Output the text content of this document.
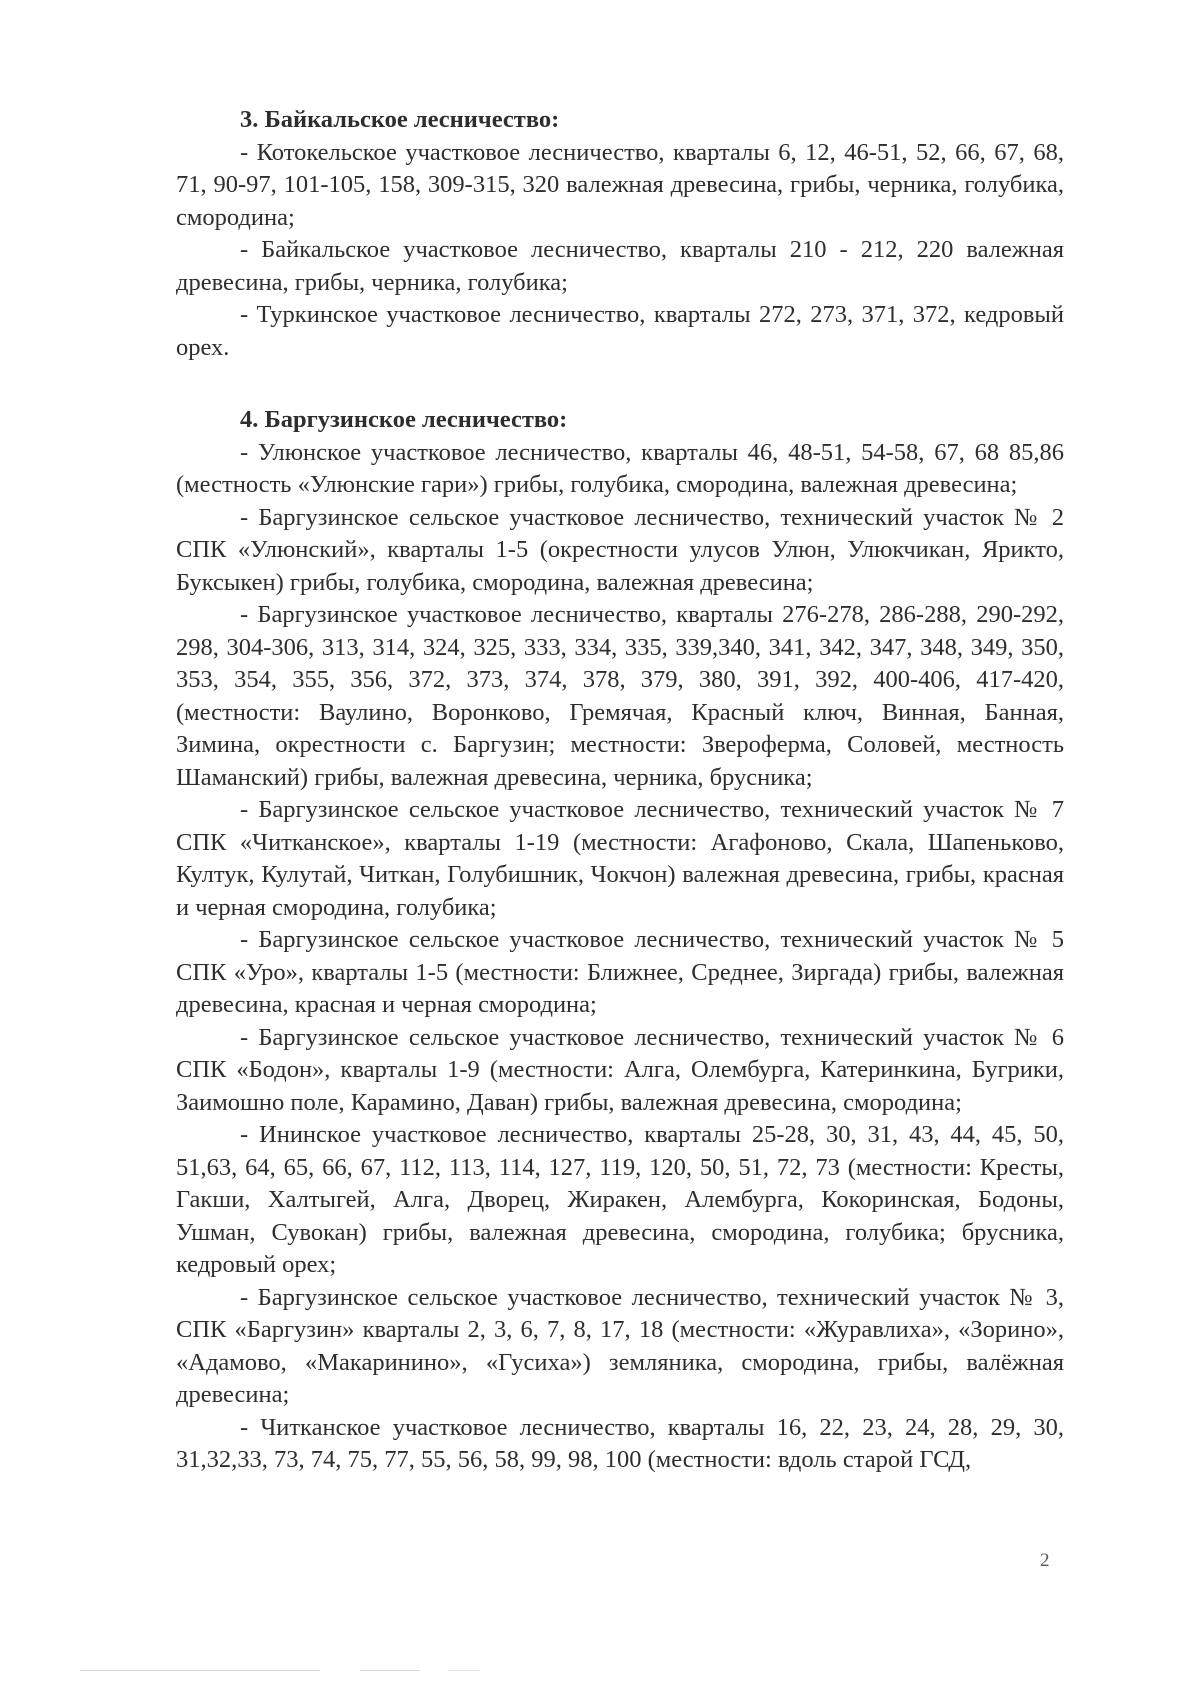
3. Байкальское лесничество:

- Котокельское участковое лесничество, кварталы 6, 12, 46-51, 52, 66, 67, 68, 71, 90-97, 101-105, 158, 309-315, 320 валежная древесина, грибы, черника, голубика, смородина;

- Байкальское участковое лесничество, кварталы 210 - 212, 220 валежная древесина, грибы, черника, голубика;

- Туркинское участковое лесничество, кварталы 272, 273, 371, 372, кедровый орех.

4. Баргузинское лесничество:

- Улюнское участковое лесничество, кварталы 46, 48-51, 54-58, 67, 68 85,86 (местность «Улюнские гари») грибы, голубика, смородина, валежная древесина;

- Баргузинское сельское участковое лесничество, технический участок № 2 СПК «Улюнский», кварталы 1-5 (окрестности улусов Улюн, Улюкчикан, Ярикто, Буксыкен) грибы, голубика, смородина, валежная древесина;

- Баргузинское участковое лесничество, кварталы 276-278, 286-288, 290-292, 298, 304-306, 313, 314, 324, 325, 333, 334, 335, 339,340, 341, 342, 347, 348, 349, 350, 353, 354, 355, 356, 372, 373, 374, 378, 379, 380, 391, 392, 400-406, 417-420, (местности: Ваулино, Воронково, Гремячая, Красный ключ, Винная, Банная, Зимина, окрестности с. Баргузин; местности: Звероферма, Соловей, местность Шаманский) грибы, валежная древесина, черника, брусника;

- Баргузинское сельское участковое лесничество, технический участок № 7 СПК «Читканское», кварталы 1-19 (местности: Агафоново, Скала, Шапеньково, Култук, Кулутай, Читкан, Голубишник, Чокчон) валежная древесина, грибы, красная и черная смородина, голубика;

- Баргузинское сельское участковое лесничество, технический участок № 5 СПК «Уро», кварталы 1-5 (местности: Ближнее, Среднее, Зиргада) грибы, валежная древесина, красная и черная смородина;

- Баргузинское сельское участковое лесничество, технический участок № 6 СПК «Бодон», кварталы 1-9 (местности: Алга, Олембурга, Катеринкина, Бугрики, Заимошно поле, Карамино, Даван) грибы, валежная древесина, смородина;

- Ининское участковое лесничество, кварталы 25-28, 30, 31, 43, 44, 45, 50, 51,63, 64, 65, 66, 67, 112, 113, 114, 127, 119, 120, 50, 51, 72, 73 (местности: Кресты, Гакши, Халтыгей, Алга, Дворец, Жиракен, Алембурга, Кокоринская, Бодоны, Ушман, Сувокан) грибы, валежная древесина, смородина, голубика; брусника, кедровый орех;

- Баргузинское сельское участковое лесничество, технический участок № 3, СПК «Баргузин» кварталы 2, 3, 6, 7, 8, 17, 18 (местности: «Журавлиха», «Зорино», «Адамово, «Макаринино», «Гусиха») земляника, смородина, грибы, валёжная древесина;

- Читканское участковое лесничество, кварталы 16, 22, 23, 24, 28, 29, 30, 31,32,33, 73, 74, 75, 77, 55, 56, 58, 99, 98, 100 (местности: вдоль старой ГСД,

2
